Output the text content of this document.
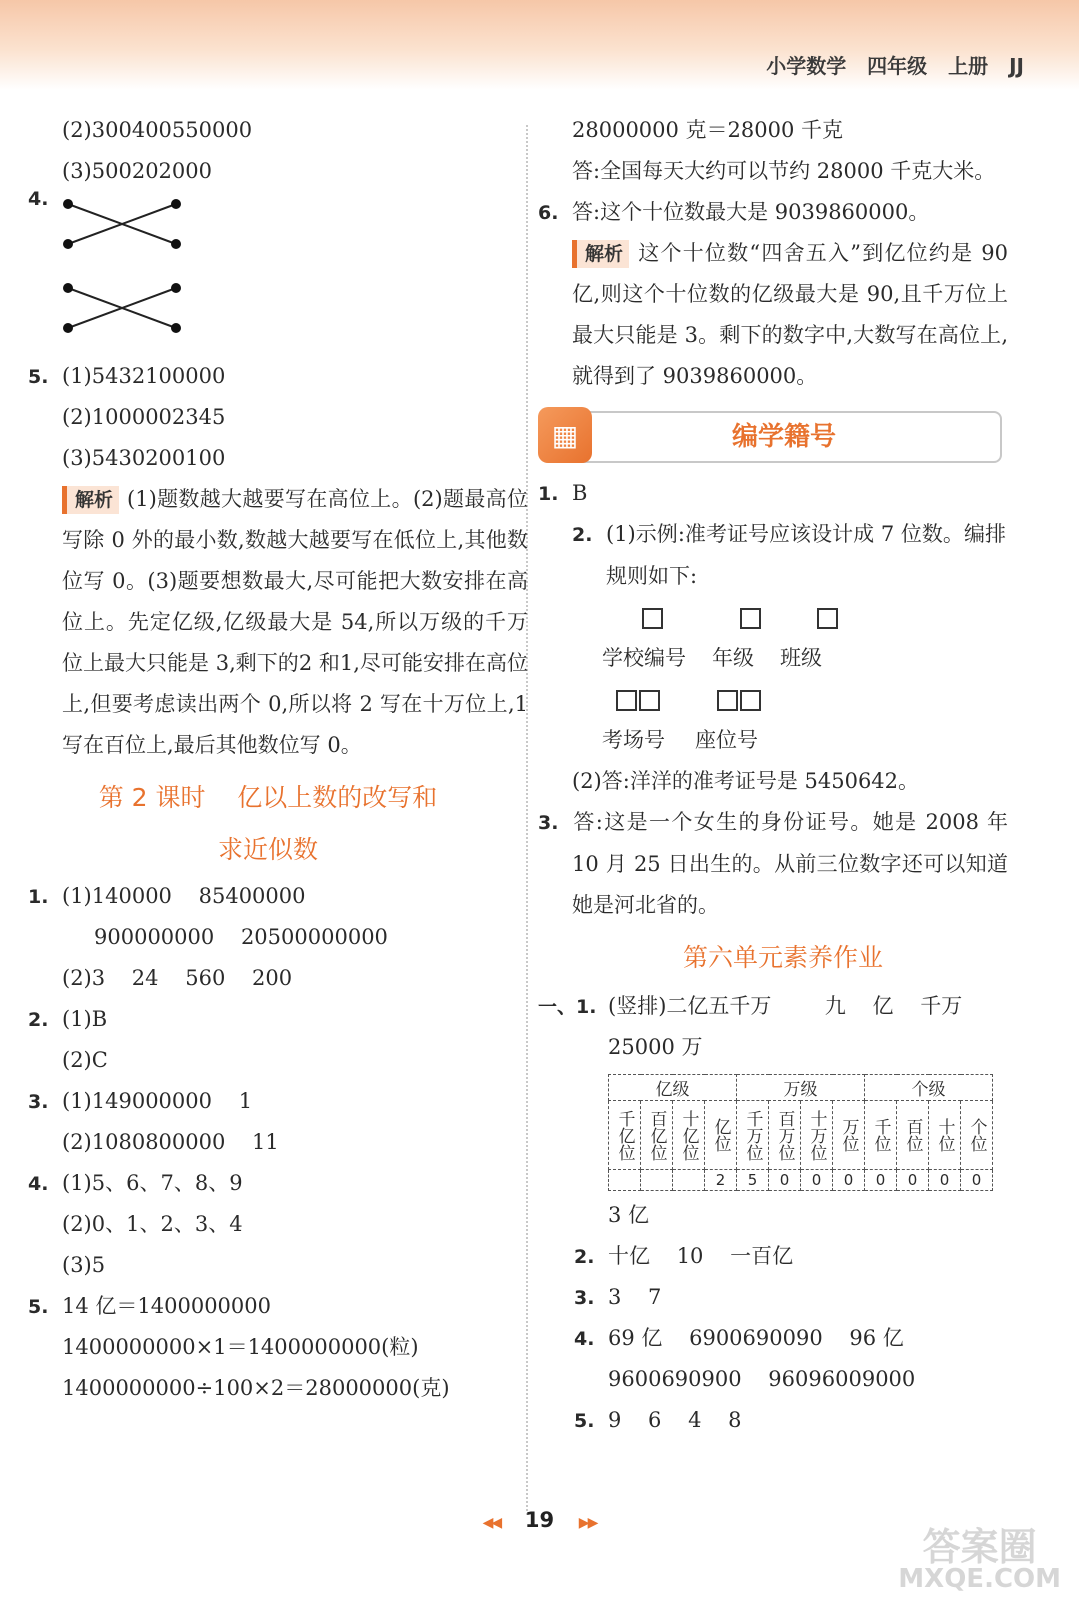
小学数学 四年级 上册 JJ
(2)300400550000
(3)500202000
4.
5. (1)5432100000
(2)1000002345
(3)5430200100
解析 (1)题数越大越要写在高位上。(2)题最高位写除 0 外的最小数,数越大越要写在低位上,其他数位写 0。(3)题要想数最大,尽可能把大数安排在高位上。先定亿级,亿级最大是 54,所以万级的千万位上最大只能是 3,剩下的2 和1,尽可能安排在高位上,但要考虑读出两个 0,所以将 2 写在十万位上,1 写在百位上,最后其他数位写 0。
第 2 课时    亿以上数的改写和
求近似数
1. (1)140000    85400000
900000000    20500000000
(2)3    24    560    200
2. (1)B
(2)C
3. (1)149000000    1
(2)1080800000    11
4. (1)5、6、7、8、9
(2)0、1、2、3、4
(3)5
5. 14 亿＝1400000000
1400000000×1＝1400000000(粒)
1400000000÷100×2＝28000000(克)
28000000 克＝28000 千克
答:全国每天大约可以节约 28000 千克大米。
6. 答:这个十位数最大是 9039860000。
解析 这个十位数“四舍五入”到亿位约是 90 亿,则这个十位数的亿级最大是 90,且千万位上最大只能是 3。剩下的数字中,大数写在高位上,就得到了 9039860000。
编学籍号
▦
1. B
2. (1)示例:准考证号应该设计成 7 位数。编排规则如下:

学校编号 年级 班级

考场号 座位号
(2)答:洋洋的准考证号是 5450642。
3. 答:这是一个女生的身份证号。她是 2008 年 10 月 25 日出生的。从前三位数字还可以知道她是河北省的。
第六单元素养作业
一、1. (竖排)二亿五千万        九    亿    千万
25000 万
亿级				万级				个级			
千亿位	百亿位	十亿位	亿位	千万位	百万位	十万位	万位	千位	百位	十位	个位
			2	5	0	0	0	0	0	0	0
3 亿
2. 十亿    10    一百亿
3. 3    7
4. 69 亿    6900690090    96 亿
9600690900    96096009000
5. 9    6    4    8
◀◀ 19 ▶▶
答案圈
MXQE.COM
